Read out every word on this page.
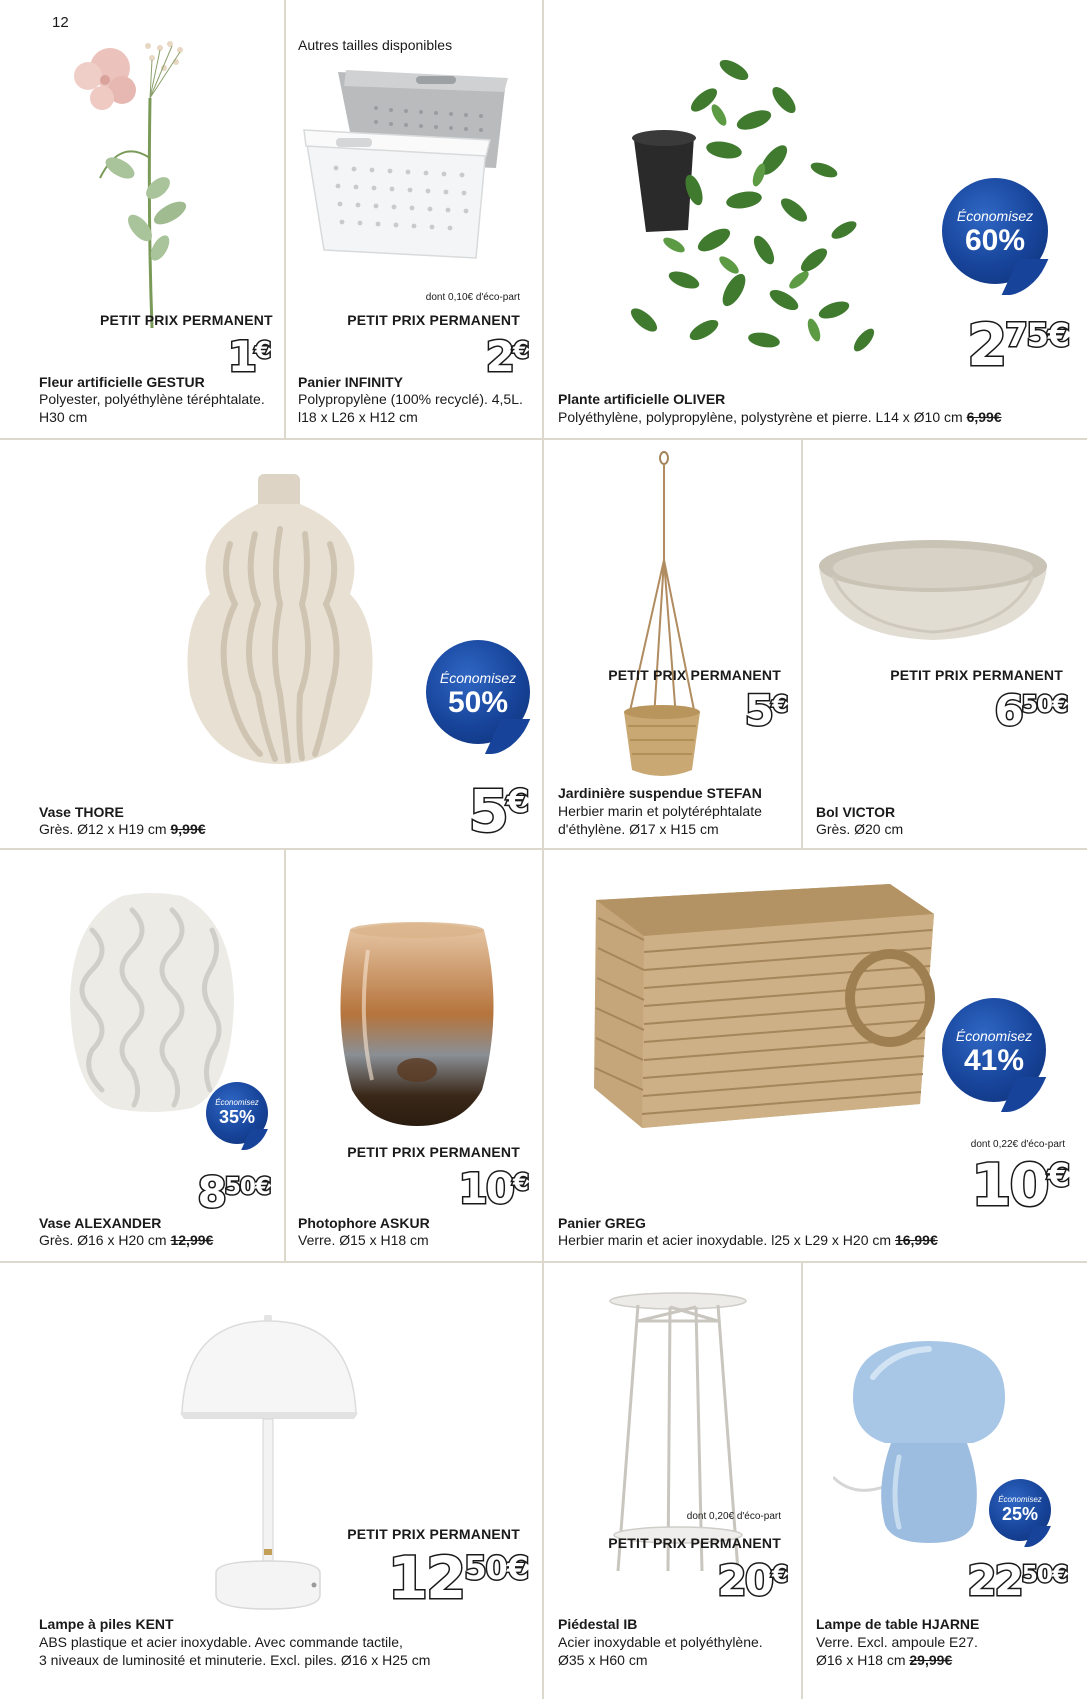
12
PETIT PRIX PERMANENT
1€
Fleur artificielle GESTUR
Polyester, polyéthylène téréphtalate. H30 cm
Autres tailles disponibles
dont 0,10€ d'éco-part
PETIT PRIX PERMANENT
2€
Panier INFINITY
Polypropylène (100% recyclé). 4,5L. l18 x L26 x H12 cm
Économisez
60%
$2^{75€}$
Plante artificielle OLIVER
Polyéthylène, polypropylène, polystyrène et pierre. L14 x Ø10 cm 6,99€
Économisez
50%
5€
Vase THORE
Grès. Ø12 x H19 cm 9,99€
PETIT PRIX PERMANENT
5€
Jardinière suspendue STEFAN
Herbier marin et polytéréphtalate d'éthylène. Ø17 x H15 cm
PETIT PRIX PERMANENT
$6^{50€}$
Bol VICTOR
Grès. Ø20 cm
Économisez
35%
$8^{50€}$
Vase ALEXANDER
Grès. Ø16 x H20 cm 12,99€
PETIT PRIX PERMANENT
10€
Photophore ASKUR
Verre. Ø15 x H18 cm
Économisez
41%
dont 0,22€ d'éco-part
10€
Panier GREG
Herbier marin et acier inoxydable. l25 x L29 x H20 cm 16,99€
PETIT PRIX PERMANENT
$12^{50€}$
Lampe à piles KENT
ABS plastique et acier inoxydable. Avec commande tactile,
3 niveaux de luminosité et minuterie. Excl. piles. Ø16 x H25 cm
dont 0,20€ d'éco-part
PETIT PRIX PERMANENT
20€
Piédestal IB
Acier inoxydable et polyéthylène.
Ø35 x H60 cm
Économisez
25%
$22^{50€}$
Lampe de table HJARNE
Verre. Excl. ampoule E27.
Ø16 x H18 cm 29,99€
